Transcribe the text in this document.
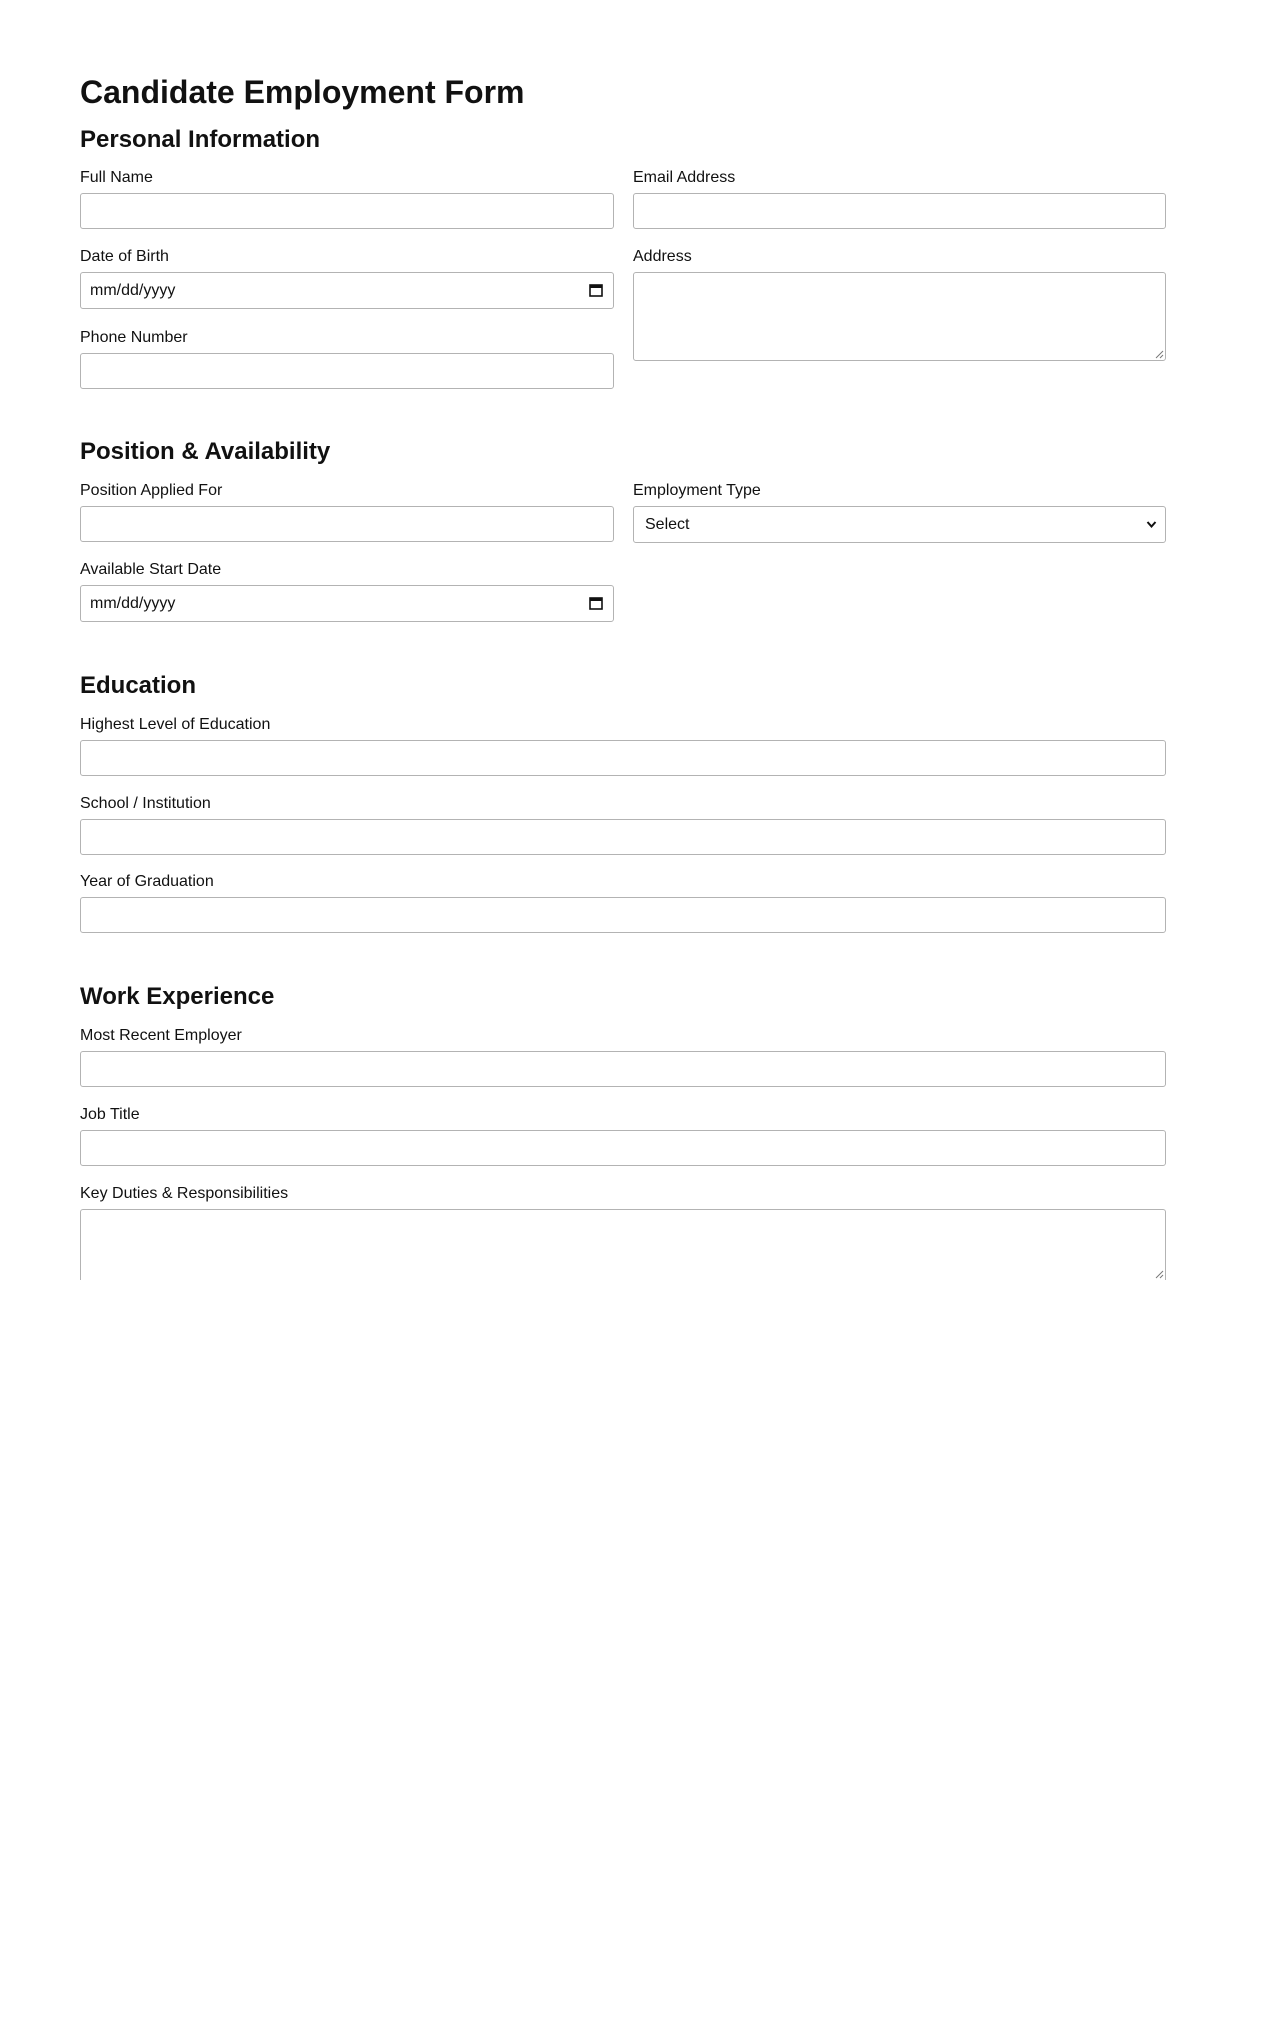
Candidate Employment Form
Personal Information
Full Name	Email Address
Date of Birth
mm/dd/yyyy
Address
Phone Number
Position & Availability
Position Applied For	Employment Type
Select
Available Start Date
mm/dd/yyyy
Education
Highest Level of Education
School / Institution
Year of Graduation
Work Experience
Most Recent Employer
Job Title
Key Duties & Responsibilities
